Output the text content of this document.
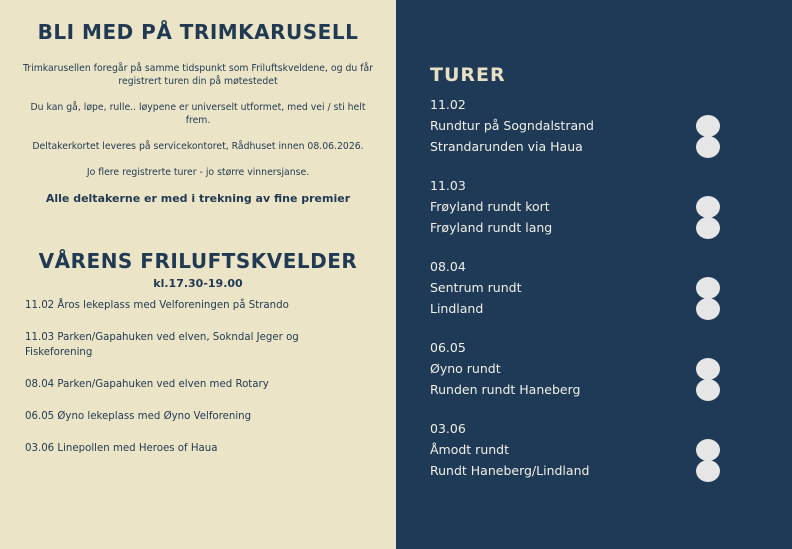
BLI MED PÅ TRIMKARUSELL

Trimkarusellen foregår på samme tidspunkt som Friluftskveldene, og du får registrert turen din på møtestedet

Du kan gå, løpe, rulle.. løypene er universelt utformet, med vei / sti helt frem.

Deltakerkortet leveres på servicekontoret, Rådhuset innen 08.06.2026.

Jo flere registrerte turer - jo større vinnersjanse.

Alle deltakerne er med i trekning av fine premier
VÅRENS FRILUFTSKVELDER
kl.17.30-19.00
11.02 Åros lekeplass med Velforeningen på Strando
11.03 Parken/Gapahuken ved elven, Sokndal Jeger og Fiskeforening
08.04 Parken/Gapahuken ved elven med Rotary
06.05 Øyno lekeplass med Øyno Velforening
03.06 Linepollen med Heroes of Haua
TURER
11.02
Rundtur på Sogndalstrand
Strandarunden via Haua
11.03
Frøyland rundt kort
Frøyland rundt lang
08.04
Sentrum rundt
Lindland
06.05
Øyno rundt
Runden rundt Haneberg
03.06
Åmodt rundt
Rundt Haneberg/Lindland
